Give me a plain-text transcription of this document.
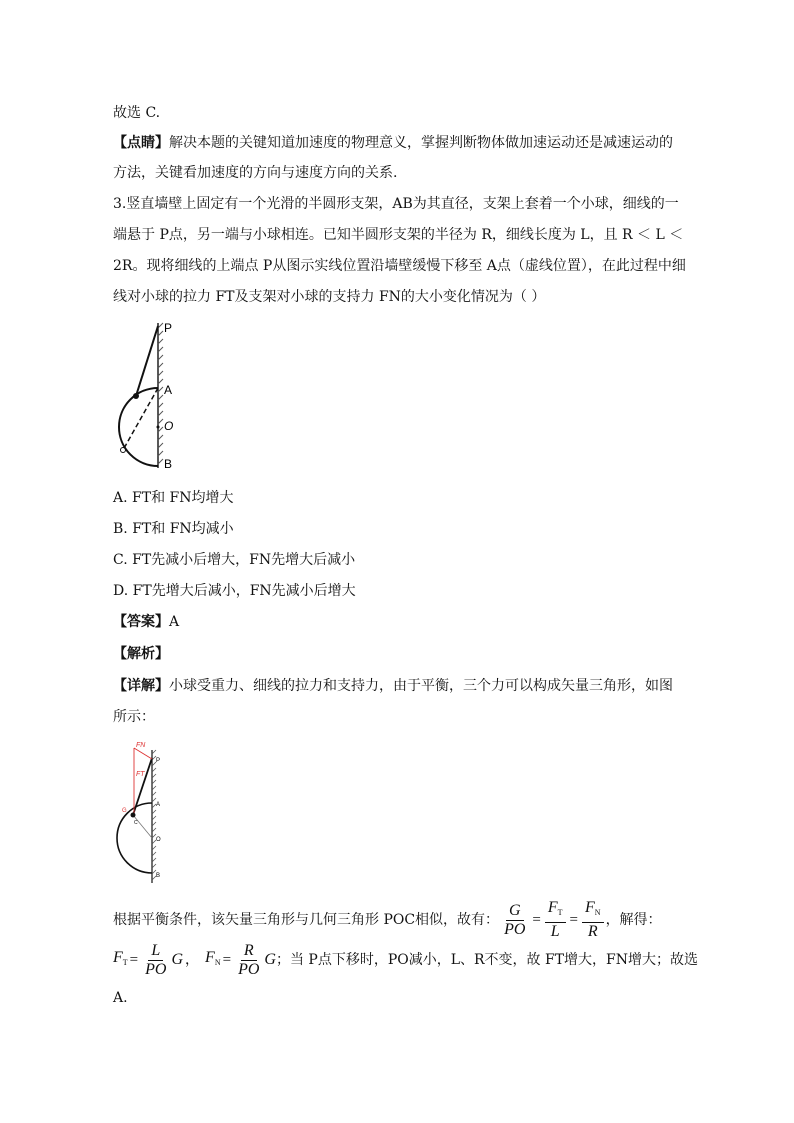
故选 C.
【点睛】解决本题的关键知道加速度的物理意义，掌握判断物体做加速运动还是减速运动的
方法，关键看加速度的方向与速度方向的关系.
3.竖直墙壁上固定有一个光滑的半圆形支架，AB为其直径，支架上套着一个小球，细线的一
端悬于 P点，另一端与小球相连。已知半圆形支架的半径为 R，细线长度为 L，且 R ＜ L ＜
2R。现将细线的上端点 P从图示实线位置沿墙壁缓慢下移至 A点（虚线位置），在此过程中细
线对小球的拉力 FT及支架对小球的支持力 FN的大小变化情况为（ ）
P
A
O
B
A. FT和 FN均增大
B. FT和 FN均减小
C. FT先减小后增大，FN先增大后减小
D. FT先增大后减小，FN先减小后增大
【答案】A
【解析】
【详解】小球受重力、细线的拉力和支持力，由于平衡，三个力可以构成矢量三角形，如图
所示：
FN
FT
P
G
A
C
O
B
根据平衡条件，该矢量三角形与几何三角形 POC相似，故有： $\frac{G}{PO} = \frac{F_T}{L} = \frac{F_N}{R}$ ，解得：
$F_T = \frac{L}{PO}$ G ， $F_N = \frac{R}{PO}$ G ；当 P点下移时，PO减小，L、R不变，故 FT增大，FN增大；故选
A.
